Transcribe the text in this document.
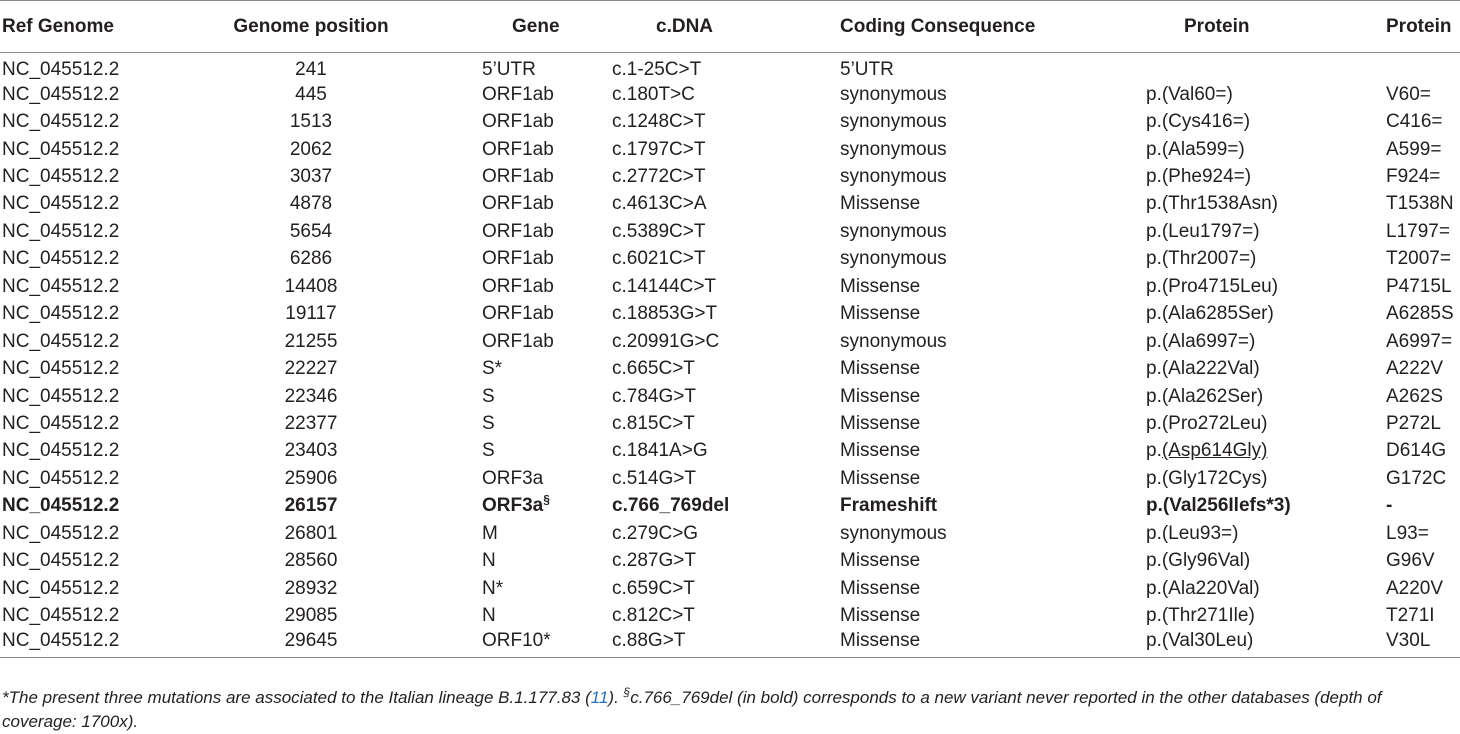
Ref Genome	Genome position	Gene	c.DNA	Coding Consequence	Protein	Protein
NC_045512.2	241	5’UTR	c.1-25C>T	5’UTR		
NC_045512.2	445	ORF1ab	c.180T>C	synonymous	p.(Val60=)	V60=
NC_045512.2	1513	ORF1ab	c.1248C>T	synonymous	p.(Cys416=)	C416=
NC_045512.2	2062	ORF1ab	c.1797C>T	synonymous	p.(Ala599=)	A599=
NC_045512.2	3037	ORF1ab	c.2772C>T	synonymous	p.(Phe924=)	F924=
NC_045512.2	4878	ORF1ab	c.4613C>A	Missense	p.(Thr1538Asn)	T1538N
NC_045512.2	5654	ORF1ab	c.5389C>T	synonymous	p.(Leu1797=)	L1797=
NC_045512.2	6286	ORF1ab	c.6021C>T	synonymous	p.(Thr2007=)	T2007=
NC_045512.2	14408	ORF1ab	c.14144C>T	Missense	p.(Pro4715Leu)	P4715L
NC_045512.2	19117	ORF1ab	c.18853G>T	Missense	p.(Ala6285Ser)	A6285S
NC_045512.2	21255	ORF1ab	c.20991G>C	synonymous	p.(Ala6997=)	A6997=
NC_045512.2	22227	S*	c.665C>T	Missense	p.(Ala222Val)	A222V
NC_045512.2	22346	S	c.784G>T	Missense	p.(Ala262Ser)	A262S
NC_045512.2	22377	S	c.815C>T	Missense	p.(Pro272Leu)	P272L
NC_045512.2	23403	S	c.1841A>G	Missense	p.(Asp614Gly)	D614G
NC_045512.2	25906	ORF3a	c.514G>T	Missense	p.(Gly172Cys)	G172C
NC_045512.2	26157	ORF3a§	c.766_769del	Frameshift	p.(Val256Ilefs*3)	-
NC_045512.2	26801	M	c.279C>G	synonymous	p.(Leu93=)	L93=
NC_045512.2	28560	N	c.287G>T	Missense	p.(Gly96Val)	G96V
NC_045512.2	28932	N*	c.659C>T	Missense	p.(Ala220Val)	A220V
NC_045512.2	29085	N	c.812C>T	Missense	p.(Thr271Ile)	T271I
NC_045512.2	29645	ORF10*	c.88G>T	Missense	p.(Val30Leu)	V30L
*The present three mutations are associated to the Italian lineage B.1.177.83 (11). §c.766_769del (in bold) corresponds to a new variant never reported in the other databases (depth of coverage: 1700x).
